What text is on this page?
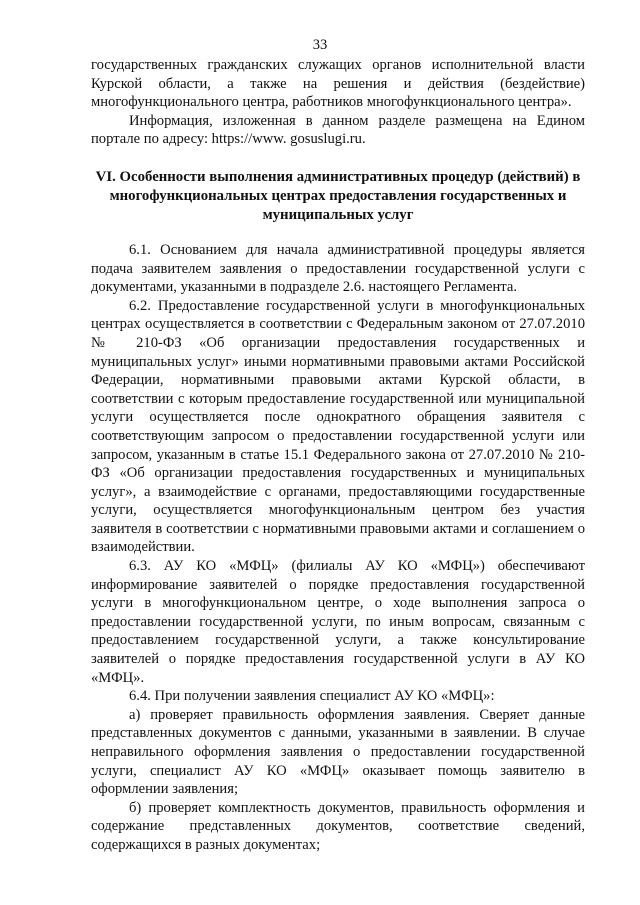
33

государственных гражданских служащих органов исполнительной власти Курской области, а также на решения и действия (бездействие) многофункционального центра, работников многофункционального центра».

Информация, изложенная в данном разделе размещена на Едином портале по адресу: https://www. gosuslugi.ru.

VI. Особенности выполнения административных процедур (действий) в многофункциональных центрах предоставления государственных и муниципальных услуг

6.1. Основанием для начала административной процедуры является подача заявителем заявления о предоставлении государственной услуги с документами, указанными в подразделе 2.6. настоящего Регламента.

6.2. Предоставление государственной услуги в многофункциональных центрах осуществляется в соответствии с Федеральным законом от 27.07.2010 № 210-ФЗ «Об организации предоставления государственных и муниципальных услуг» иными нормативными правовыми актами Российской Федерации, нормативными правовыми актами Курской области, в соответствии с которым предоставление государственной или муниципальной услуги осуществляется после однократного обращения заявителя с соответствующим запросом о предоставлении государственной услуги или запросом, указанным в статье 15.1 Федерального закона от 27.07.2010 № 210-ФЗ «Об организации предоставления государственных и муниципальных услуг», а взаимодействие с органами, предоставляющими государственные услуги, осуществляется многофункциональным центром без участия заявителя в соответствии с нормативными правовыми актами и соглашением о взаимодействии.

6.3. АУ КО «МФЦ» (филиалы АУ КО «МФЦ») обеспечивают информирование заявителей о порядке предоставления государственной услуги в многофункциональном центре, о ходе выполнения запроса о предоставлении государственной услуги, по иным вопросам, связанным с предоставлением государственной услуги, а также консультирование заявителей о порядке предоставления государственной услуги в АУ КО «МФЦ».

6.4. При получении заявления специалист АУ КО «МФЦ»:

а) проверяет правильность оформления заявления. Сверяет данные представленных документов с данными, указанными в заявлении. В случае неправильного оформления заявления о предоставлении государственной услуги, специалист АУ КО «МФЦ» оказывает помощь заявителю в оформлении заявления;

б) проверяет комплектность документов, правильность оформления и содержание представленных документов, соответствие сведений, содержащихся в разных документах;
